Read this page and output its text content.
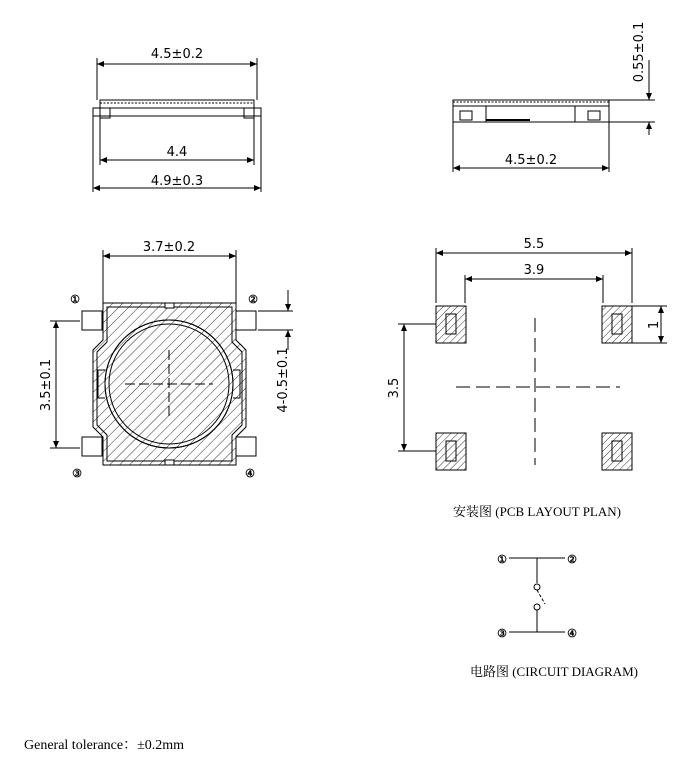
4.5±0.2
4.4
4.9±0.3
0.55±0.1
4.5±0.2
3.7±0.2
3.5±0.1	4-0.5±0.1
①	②
③	④
5.5
3.9
1
3.5
安装图 (PCB LAYOUT PLAN)
①	②
③	④
电路图 (CIRCUIT DIAGRAM)
General tolerance：±0.2mm
